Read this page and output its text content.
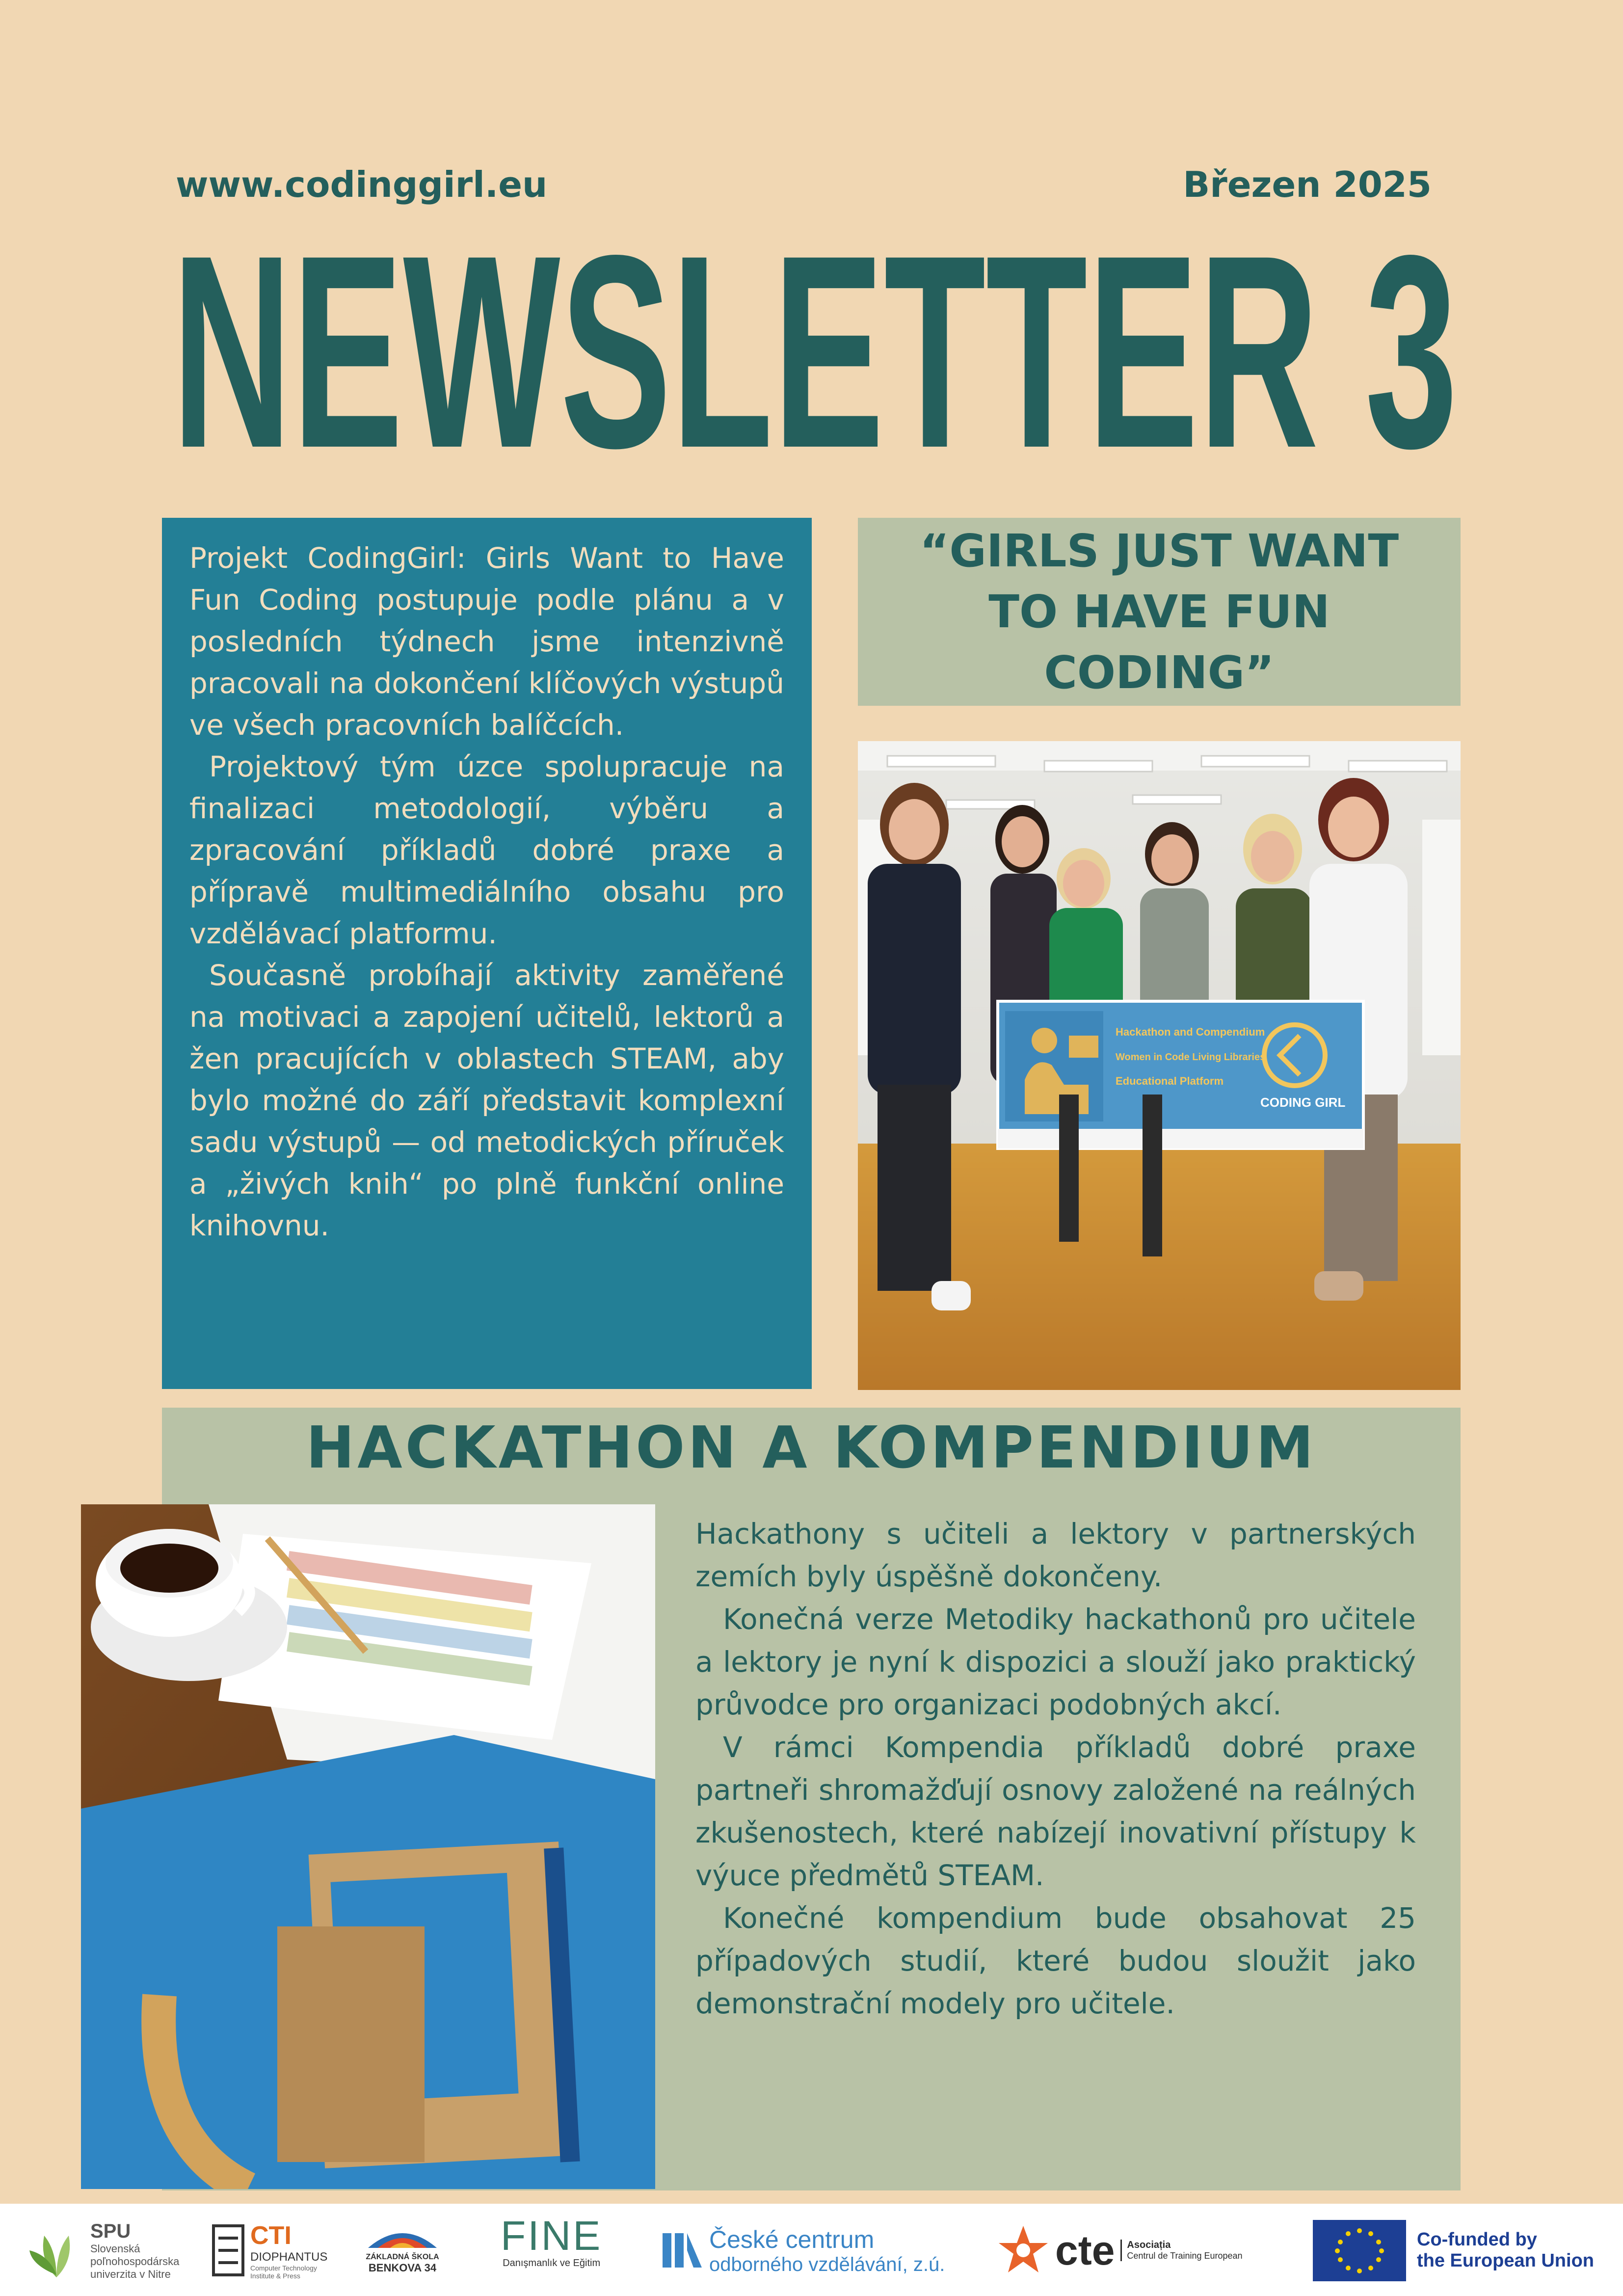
www.codinggirl.eu	Březen 2025
NEWSLETTER 3

Projekt CodingGirl: Girls Want to Have Fun Coding postupuje podle plánu a v posledních týdnech jsme intenzivně pracovali na dokončení klíčových výstupů ve všech pracovních balíčcích.

Projektový tým úzce spolupracuje na finalizaci metodologií, výběru a zpracování příkladů dobré praxe a přípravě multimediálního obsahu pro vzdělávací platformu.

Současně probíhají aktivity zaměřené na motivaci a zapojení učitelů, lektorů a žen pracujících v oblastech STEAM, aby bylo možné do září představit komplexní sadu výstupů — od metodických příruček a „živých knih“ po plně funkční online knihovnu.

“GIRLS JUST WANT TO HAVE FUN CODING”
Hackathon and Compendium
Women in Code Living Libraries
Educational Platform
CODING GIRL
HACKATHON A KOMPENDIUM

Hackathony s učiteli a lektory v partnerských zemích byly úspěšně dokončeny.

Konečná verze Metodiky hackathonů pro učitele a lektory je nyní k dispozici a slouží jako praktický průvodce pro organizaci podobných akcí.

V rámci Kompendia příkladů dobré praxe partneři shromažďují osnovy založené na reálných zkušenostech, které nabízejí inovativní přístupy k výuce předmětů STEAM.

Konečné kompendium bude obsahovat 25 případových studií, které budou sloužit jako demonstrační modely pro učitele.

SPU
Slovenská poľnohospodárska univerzita v Nitre
CTI
DIOPHANTUS
Computer Technology Institute & Press
ZÁKLADNÁ ŠKOLA
BENKOVA 34
FINE
Danışmanlık ve Eğitim
České centrum
odborného vzdělávání, z.ú.	cte Asociația
Centrul de Training European
Co-funded by
the European Union
